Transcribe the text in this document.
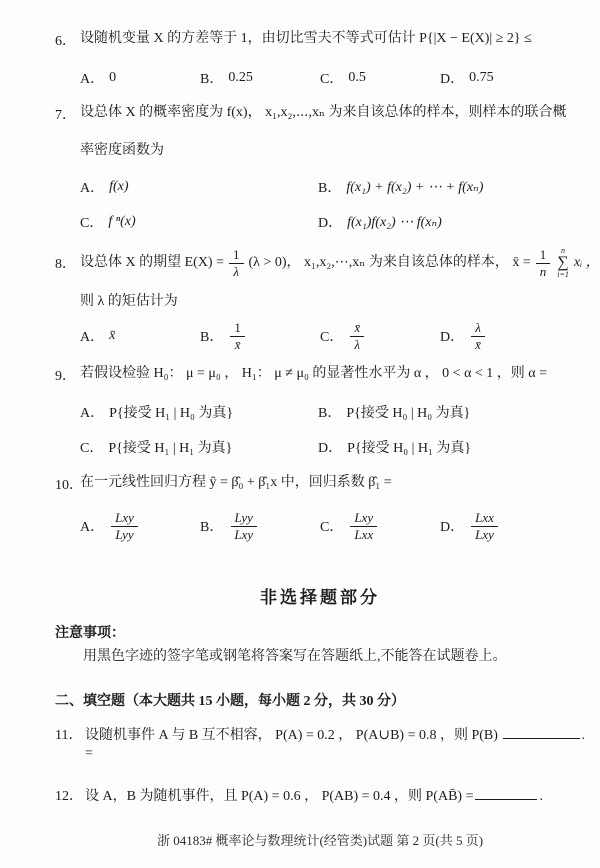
6． 设随机变量 X 的方差等于 1，由切比雪夫不等式可估计 P{|X − E(X)| ≥ 2} ≤
A． 0	B． 0.25	C． 0.5	D． 0.75
7． 设总体 X 的概率密度为 f(x)， x₁,x₂,⋯,xₙ 为来自该总体的样本，则样本的联合概
率密度函数为
A． f(x)	B． f(x₁) + f(x₂) + ⋯ + f(xₙ)
C． f ⁿ(x)	D． f(x₁)f(x₂) ⋯ f(xₙ)
8． 设总体 X 的期望 $E(X) = \frac{1}{\lambda} (\lambda > 0)$， x₁,x₂,⋯,xₙ 为来自该总体的样本， x̄ = $\frac{1}{n}$ n
∑
i=1
xᵢ ，
则 λ 的矩估计为
A． x̄	B． $\frac{1}{x̄}$	C． $\frac{x̄}{\lambda}$	D． $\frac{\lambda}{x̄}$
9． 若假设检验 H₀： μ = μ₀ ， H₁： μ ≠ μ₀ 的显著性水平为 α ， 0 < α < 1 ，则 α =
A． P{接受 H₁ | H₀ 为真}	B． P{接受 H₀ | H₀ 为真}
C． P{接受 H₁ | H₁ 为真}	D． P{接受 H₀ | H₁ 为真}
10．
在一元线性回归方程 ŷ = β̂₀ + β̂₁x 中，回归系数 β̂₁ =
A． $\frac{\text{Lxy}}{\text{Lyy}}$	B． $\frac{\text{Lyy}}{\text{Lxy}}$	C． $\frac{\text{Lxy}}{\text{Lxx}}$	D． $\frac{\text{Lxx}}{\text{Lxy}}$
非选择题部分
注意事项：
用黑色字迹的签字笔或钢笔将答案写在答题纸上,不能答在试题卷上。
二、填空题（本大题共 15 小题，每小题 2 分，共 30 分）
11． 设随机事件 A 与 B 互不相容， P(A) = 0.2 ， P(A∪B) = 0.8 ，则 P(B) =
.
12． 设 A，B 为随机事件，且 P(A) = 0.6 ， P(AB) = 0.4 ，则 P(AB̄) =	.
浙 04183# 概率论与数理统计(经管类)试题 第 2 页(共 5 页)
